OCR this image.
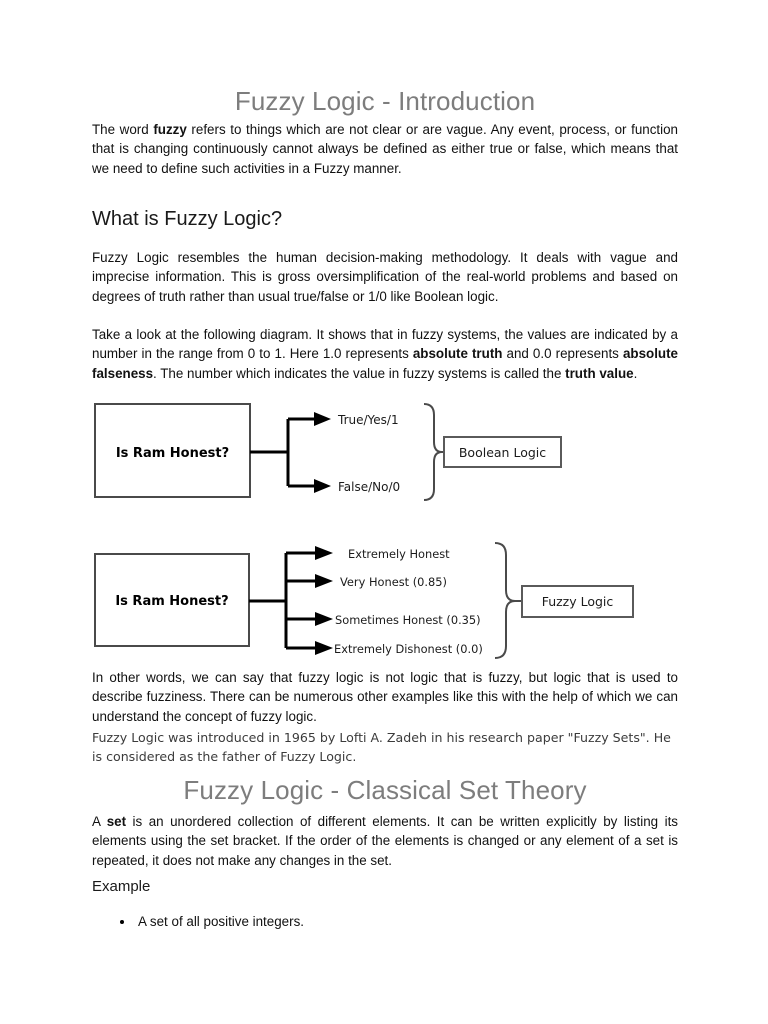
Fuzzy Logic - Introduction

The word fuzzy refers to things which are not clear or are vague. Any event, process, or function that is changing continuously cannot always be defined as either true or false, which means that we need to define such activities in a Fuzzy manner.

What is Fuzzy Logic?

Fuzzy Logic resembles the human decision-making methodology. It deals with vague and imprecise information. This is gross oversimplification of the real-world problems and based on degrees of truth rather than usual true/false or 1/0 like Boolean logic.

Take a look at the following diagram. It shows that in fuzzy systems, the values are indicated by a number in the range from 0 to 1. Here 1.0 represents absolute truth and 0.0 represents absolute falseness. The number which indicates the value in fuzzy systems is called the truth value.

Is Ram Honest?
True/Yes/1
False/No/0
Boolean Logic
Is Ram Honest?
Extremely Honest
Very Honest (0.85)
Sometimes Honest (0.35)
Extremely Dishonest (0.0)
Fuzzy Logic

In other words, we can say that fuzzy logic is not logic that is fuzzy, but logic that is used to describe fuzziness. There can be numerous other examples like this with the help of which we can understand the concept of fuzzy logic.

Fuzzy Logic was introduced in 1965 by Lofti A. Zadeh in his research paper "Fuzzy Sets". He is considered as the father of Fuzzy Logic.

Fuzzy Logic - Classical Set Theory

A set is an unordered collection of different elements. It can be written explicitly by listing its elements using the set bracket. If the order of the elements is changed or any element of a set is repeated, it does not make any changes in the set.

Example
A set of all positive integers.
